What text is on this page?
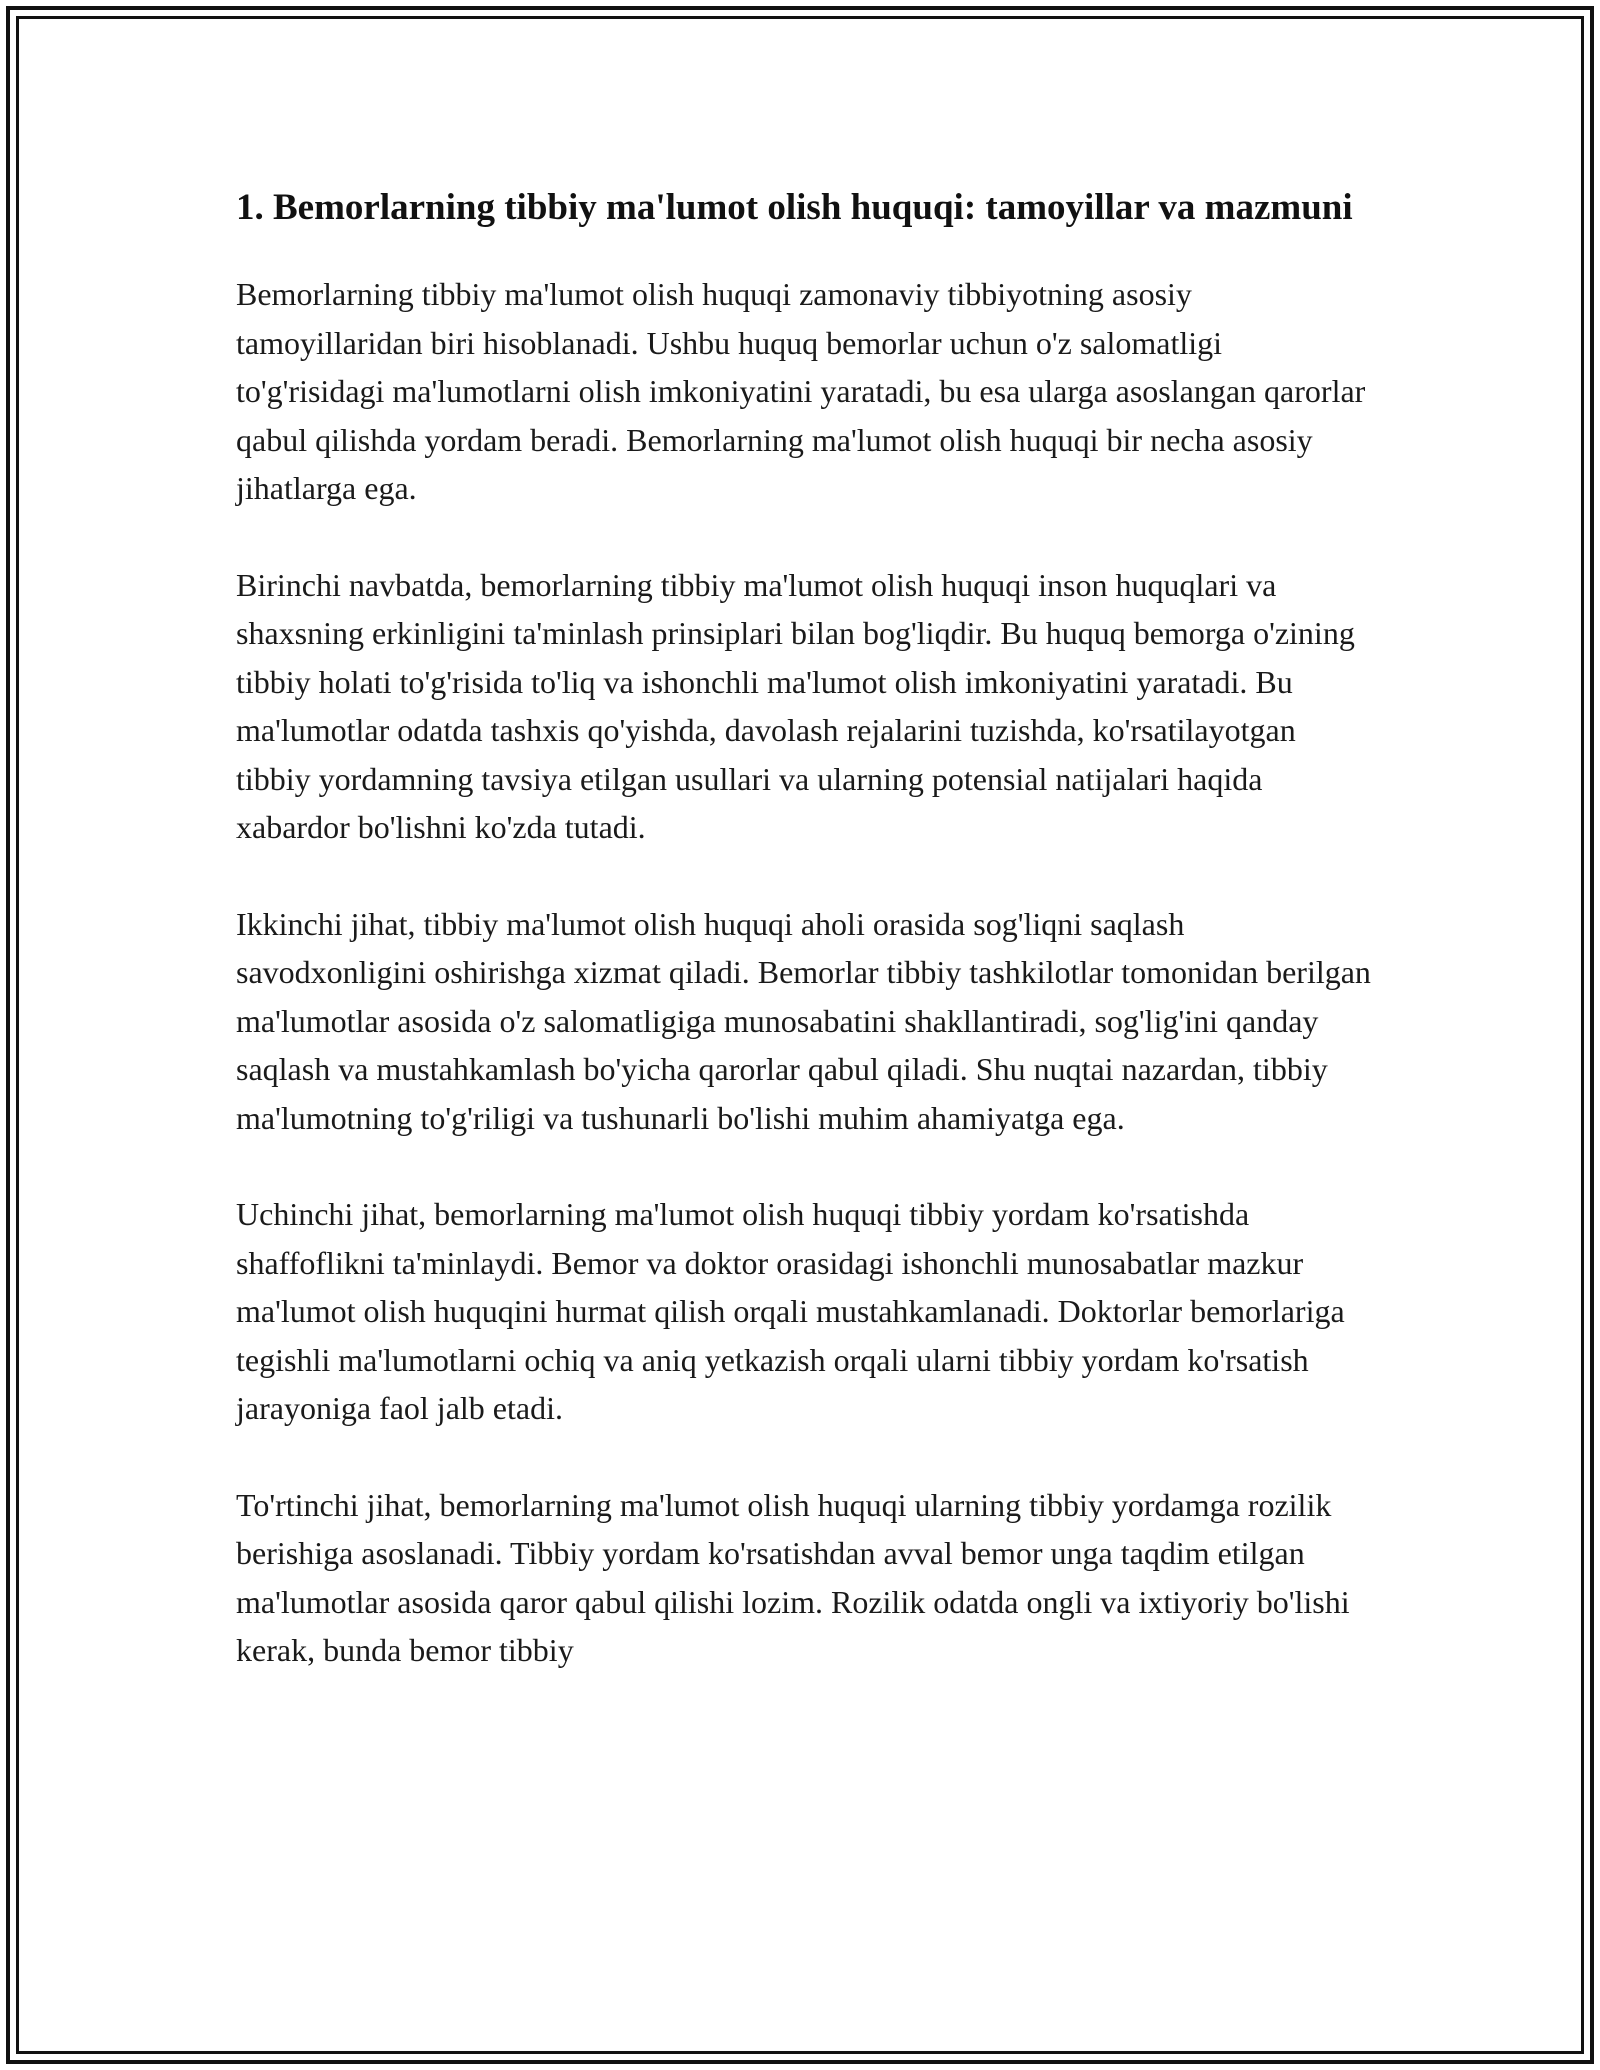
1. Bemorlarning tibbiy ma'lumot olish huquqi: tamoyillar va mazmuni

Bemorlarning tibbiy ma'lumot olish huquqi zamonaviy tibbiyotning asosiy tamoyillaridan biri hisoblanadi. Ushbu huquq bemorlar uchun o'z salomatligi to'g'risidagi ma'lumotlarni olish imkoniyatini yaratadi, bu esa ularga asoslangan qarorlar qabul qilishda yordam beradi. Bemorlarning ma'lumot olish huquqi bir necha asosiy jihatlarga ega.

Birinchi navbatda, bemorlarning tibbiy ma'lumot olish huquqi inson huquqlari va shaxsning erkinligini ta'minlash prinsiplari bilan bog'liqdir. Bu huquq bemorga o'zining tibbiy holati to'g'risida to'liq va ishonchli ma'lumot olish imkoniyatini yaratadi. Bu ma'lumotlar odatda tashxis qo'yishda, davolash rejalarini tuzishda, ko'rsatilayotgan tibbiy yordamning tavsiya etilgan usullari va ularning potensial natijalari haqida xabardor bo'lishni ko'zda tutadi.

Ikkinchi jihat, tibbiy ma'lumot olish huquqi aholi orasida sog'liqni saqlash savodxonligini oshirishga xizmat qiladi. Bemorlar tibbiy tashkilotlar tomonidan berilgan ma'lumotlar asosida o'z salomatligiga munosabatini shakllantiradi, sog'lig'ini qanday saqlash va mustahkamlash bo'yicha qarorlar qabul qiladi. Shu nuqtai nazardan, tibbiy ma'lumotning to'g'riligi va tushunarli bo'lishi muhim ahamiyatga ega.

Uchinchi jihat, bemorlarning ma'lumot olish huquqi tibbiy yordam ko'rsatishda shaffoflikni ta'minlaydi. Bemor va doktor orasidagi ishonchli munosabatlar mazkur ma'lumot olish huquqini hurmat qilish orqali mustahkamlanadi. Doktorlar bemorlariga tegishli ma'lumotlarni ochiq va aniq yetkazish orqali ularni tibbiy yordam ko'rsatish jarayoniga faol jalb etadi.

To'rtinchi jihat, bemorlarning ma'lumot olish huquqi ularning tibbiy yordamga rozilik berishiga asoslanadi. Tibbiy yordam ko'rsatishdan avval bemor unga taqdim etilgan ma'lumotlar asosida qaror qabul qilishi lozim. Rozilik odatda ongli va ixtiyoriy bo'lishi kerak, bunda bemor tibbiy
